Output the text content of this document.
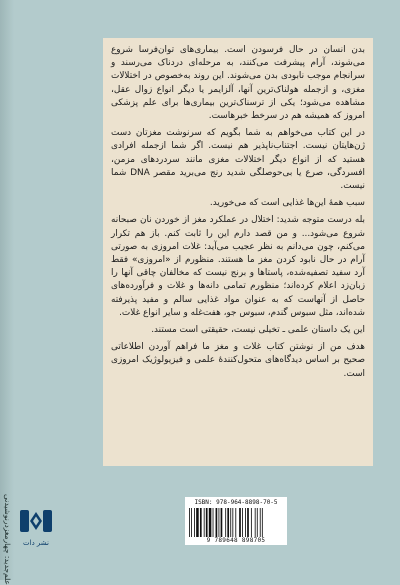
علم‌جدید: چهارمغزدرنو‌شید‌نی

بدن انسان در حال فرسودن است. بیماری‌های توان‌فرسا شروع می‌شوند، آرام پیشرفت می‌کنند، به مرحله‌ای دردناک می‌رسند و سرانجام موجب نابودی بدن می‌شوند. این روند به‌خصوص در اختلالات مغزی، و ازجمله هولناک‌ترین آنها، آلزایمر یا دیگر انواع زوال عقل، مشاهده می‌شود؛ یکی از ترسناک‌ترین بیماری‌ها برای علم پزشکی امروز که همیشه هم در سرخط خبرهاست.

در این کتاب می‌خواهم به شما بگویم که سرنوشت مغزتان دست ژن‌هایتان نیست. اجتناب‌ناپذیر هم نیست. اگر شما ازجمله افرادی هستید که از انواع دیگر اختلالات مغزی مانند سردردهای مزمن، افسردگی، صرع یا بی‌حوصلگی شدید رنج می‌برید مقصر DNA شما نیست.

سبب همهٔ این‌ها غذایی است که می‌خورید.

بله درست متوجه شدید: اختلال در عملکرد مغز از خوردن نان صبحانه شروع می‌شود... و من قصد دارم این را ثابت کنم. باز هم تکرار می‌کنم، چون می‌دانم به نظر عجیب می‌آید: غلات امروزی به صورتی آرام در حال نابود کردن مغز ما هستند. منظورم از «امروزی» فقط آرد سفید تصفیه‌شده، پاستاها و برنج نیست که مخالفان چاقی آنها را زبان‌زد اعلام کرده‌اند؛ منظورم تمامی دانه‌ها و غلات و فرآورده‌های حاصل از آنهاست که به عنوان مواد غذایی سالم و مفید پذیرفته شده‌اند، مثل سبوس گندم، سبوس جو، هفت‌غله و سایر انواع غلات.

این یک داستان علمی ـ تخیلی نیست، حقیقتی است مستند.

هدف من از نوشتن کتاب غلات و مغز ما فراهم آوردن اطلاعاتی صحیح بر اساس دیدگاه‌های متحول‌کنندهٔ علمی و فیزیولوژیک امروزی است.

ISBN: 978-964-8898-70-5
9 789648 898705
نشر دات
